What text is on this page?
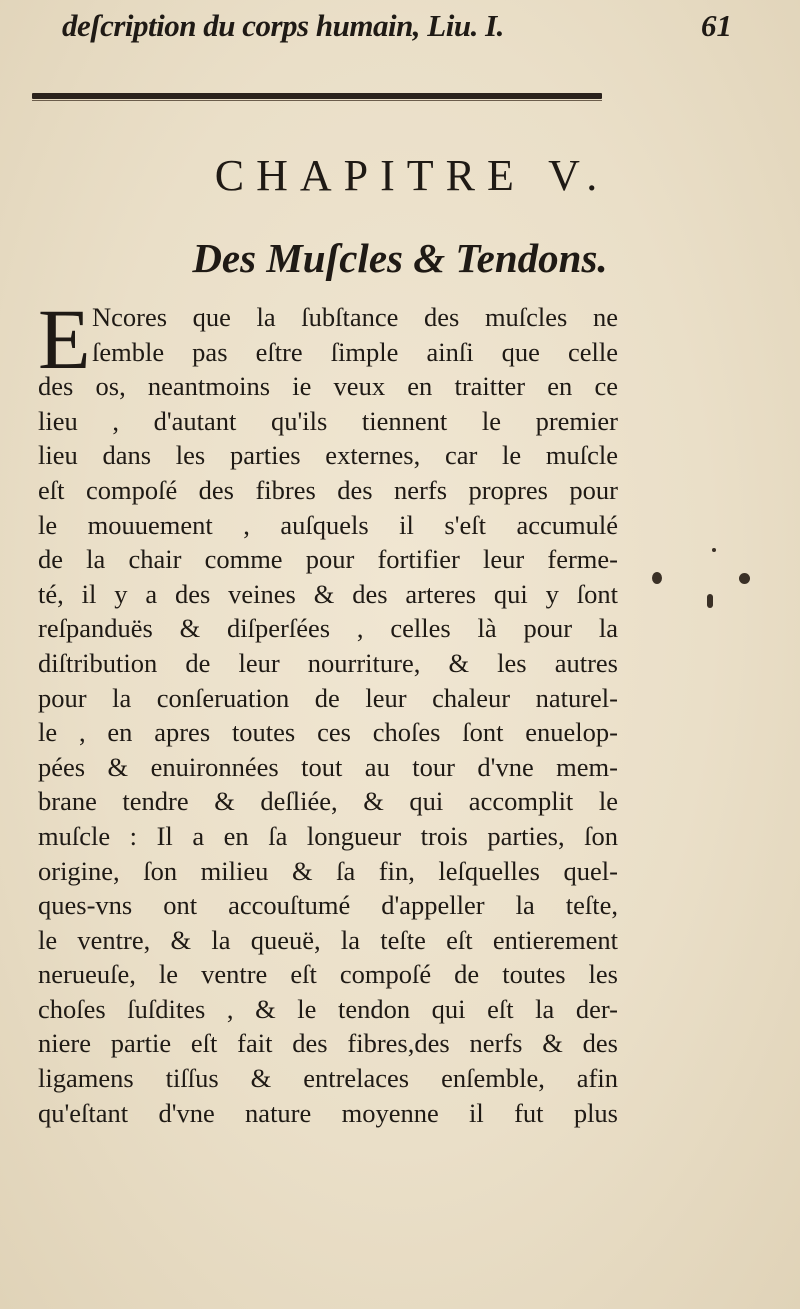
deſcription du corps humain, Liu. I.	61
CHAPITRE V.
Des Muſcles & Tendons.
E Ncores que la ſubſtance des muſcles ne
ſemble pas eſtre ſimple ainſi que celle
des os, neantmoins ie veux en traitter en ce
lieu , d'autant qu'ils tiennent le premier
lieu dans les parties externes, car le muſcle
eſt compoſé des fibres des nerfs propres pour
le mouuement , auſquels il s'eſt accumulé
de la chair comme pour fortifier leur ferme-
té, il y a des veines & des arteres qui y ſont
reſpanduës & diſperſées , celles là pour la
diſtribution de leur nourriture, & les autres
pour la conſeruation de leur chaleur naturel-
le , en apres toutes ces choſes ſont enuelop-
pées & enuironnées tout au tour d'vne mem-
brane tendre & deſliée, & qui accomplit le
muſcle : Il a en ſa longueur trois parties, ſon
origine, ſon milieu & ſa fin, leſquelles quel-
ques-vns ont accouſtumé d'appeller la teſte,
le ventre, & la queuë, la teſte eſt entierement
nerueuſe, le ventre eſt compoſé de toutes les
choſes ſuſdites , & le tendon qui eſt la der-
niere partie eſt fait des fibres,des nerfs & des
ligamens tiſſus & entrelaces enſemble, afin
qu'eſtant d'vne nature moyenne il fut plus
